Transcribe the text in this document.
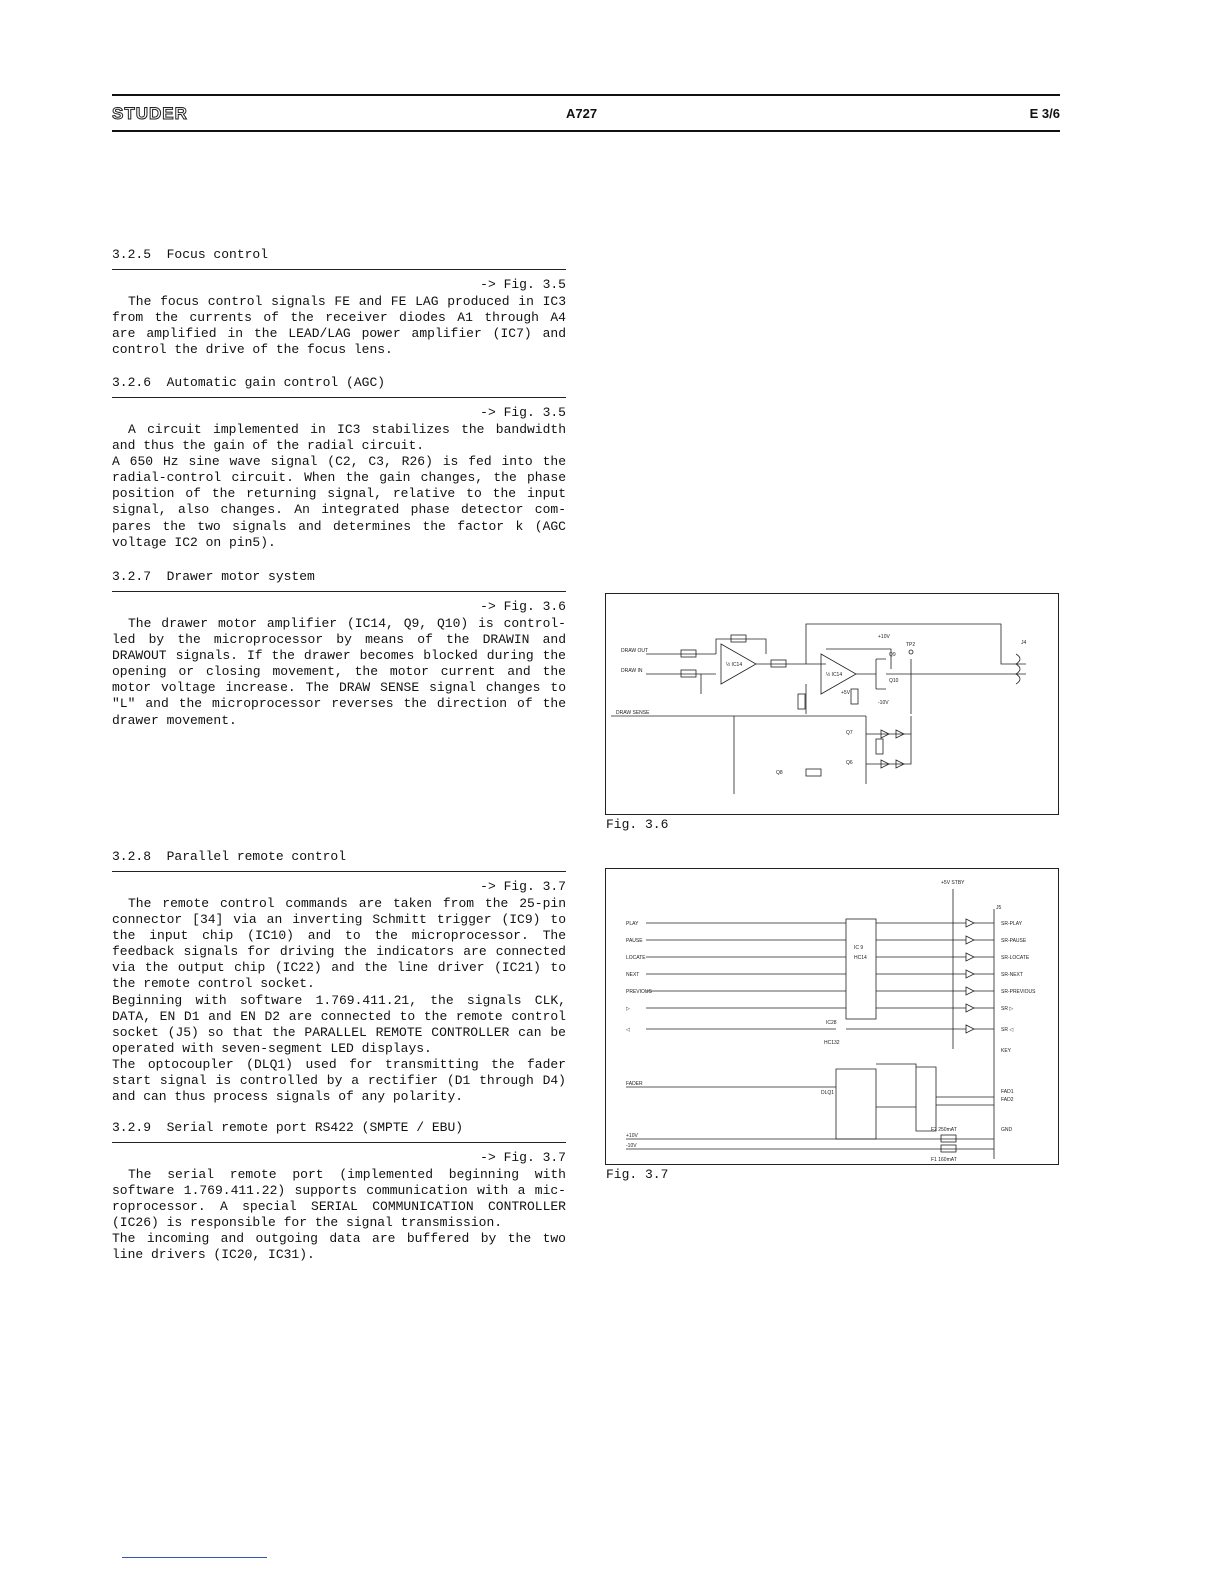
STUDER	A727	E 3/6
3.2.5  Focus control
-> Fig. 3.5
The focus control signals FE and FE LAG produced in IC3
from the currents of the receiver diodes A1 through A4
are amplified in the LEAD/LAG power amplifier (IC7) and
control the drive of the focus lens.
3.2.6  Automatic gain control (AGC)
-> Fig. 3.5
A circuit implemented in IC3 stabilizes the bandwidth
and thus the gain of the radial circuit.
A 650 Hz sine wave signal (C2, C3, R26) is fed into the
radial-control circuit. When the gain changes, the phase
position of the returning signal, relative to the input
signal, also changes. An integrated phase detector com-
pares the two signals and determines the factor k (AGC
voltage IC2 on pin5).
3.2.7  Drawer motor system
-> Fig. 3.6
The drawer motor amplifier (IC14, Q9, Q10) is control-
led by the microprocessor by means of the DRAWIN and
DRAWOUT signals. If the drawer becomes blocked during the
opening or closing movement, the motor current and the
motor voltage increase. The DRAW SENSE signal changes to
"L" and the microprocessor reverses the direction of the
drawer movement.
3.2.8  Parallel remote control
-> Fig. 3.7
The remote control commands are taken from the 25-pin
connector [34] via an inverting Schmitt trigger (IC9) to
the input chip (IC10) and to the microprocessor. The
feedback signals for driving the indicators are connected
via the output chip (IC22) and the line driver (IC21) to
the remote control socket.
Beginning with software 1.769.411.21, the signals CLK,
DATA, EN D1 and EN D2 are connected to the remote control
socket (J5) so that the PARALLEL REMOTE CONTROLLER can be
operated with seven-segment LED displays.
The optocoupler (DLQ1) used for transmitting the fader
start signal is controlled by a rectifier (D1 through D4)
and can thus process signals of any polarity.
3.2.9  Serial remote port RS422 (SMPTE / EBU)
-> Fig. 3.7
The serial remote port (implemented beginning with
software 1.769.411.22) supports communication with a mic-
roprocessor. A special SERIAL COMMUNICATION CONTROLLER
(IC26) is responsible for the signal transmission.
The incoming and outgoing data are buffered by the two
line drivers (IC20, IC31).
DRAW OUT
DRAW IN
DRAW SENSE
½ IC14
½ IC14
Q9
Q10
TP2	J4
Q7
Q6
Q8
+5V
+10V
-10V
Fig. 3.6
PLAY
PAUSE
LOCATE
NEXT
PREVIOUS
▷
◁
SR-PLAY
SR-PAUSE
SR-LOCATE
SR-NEXT
SR-PREVIOUS
SR ▷
SR ◁
IC 9
HC14
IC28
HC132
J5
KEY
FADER
FAD1
FAD2
DLQ1
+10V
-10V
GND
F2 250mAT
F1 160mAT
+5V STBY
Fig. 3.7
